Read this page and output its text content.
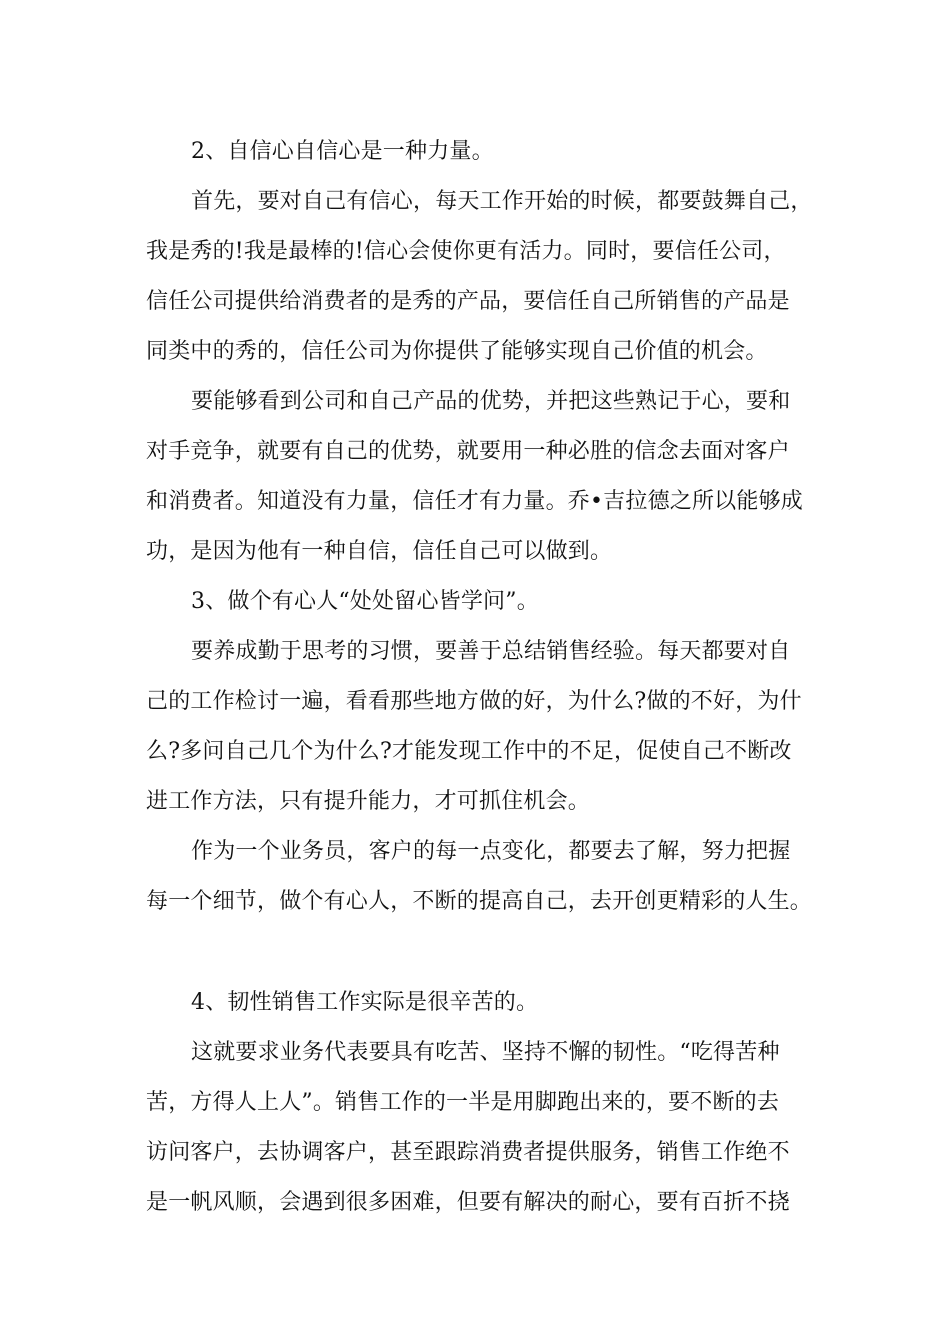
2、自信心自信心是一种力量。
首先，要对自己有信心，每天工作开始的时候，都要鼓舞自己，
我是秀的!我是最棒的!信心会使你更有活力。同时，要信任公司，
信任公司提供给消费者的是秀的产品，要信任自己所销售的产品是
同类中的秀的，信任公司为你提供了能够实现自己价值的机会。
要能够看到公司和自己产品的优势，并把这些熟记于心，要和
对手竞争，就要有自己的优势，就要用一种必胜的信念去面对客户
和消费者。知道没有力量，信任才有力量。乔•吉拉德之所以能够成
功，是因为他有一种自信，信任自己可以做到。
3、做个有心人“处处留心皆学问”。
要养成勤于思考的习惯，要善于总结销售经验。每天都要对自
己的工作检讨一遍，看看那些地方做的好，为什么?做的不好，为什
么?多问自己几个为什么?才能发现工作中的不足，促使自己不断改
进工作方法，只有提升能力，才可抓住机会。
作为一个业务员，客户的每一点变化，都要去了解，努力把握
每一个细节，做个有心人，不断的提高自己，去开创更精彩的人生。
4、韧性销售工作实际是很辛苦的。
这就要求业务代表要具有吃苦、坚持不懈的韧性。“吃得苦种
苦，方得人上人”。销售工作的一半是用脚跑出来的，要不断的去
访问客户，去协调客户，甚至跟踪消费者提供服务，销售工作绝不
是一帆风顺，会遇到很多困难，但要有解决的耐心，要有百折不挠
